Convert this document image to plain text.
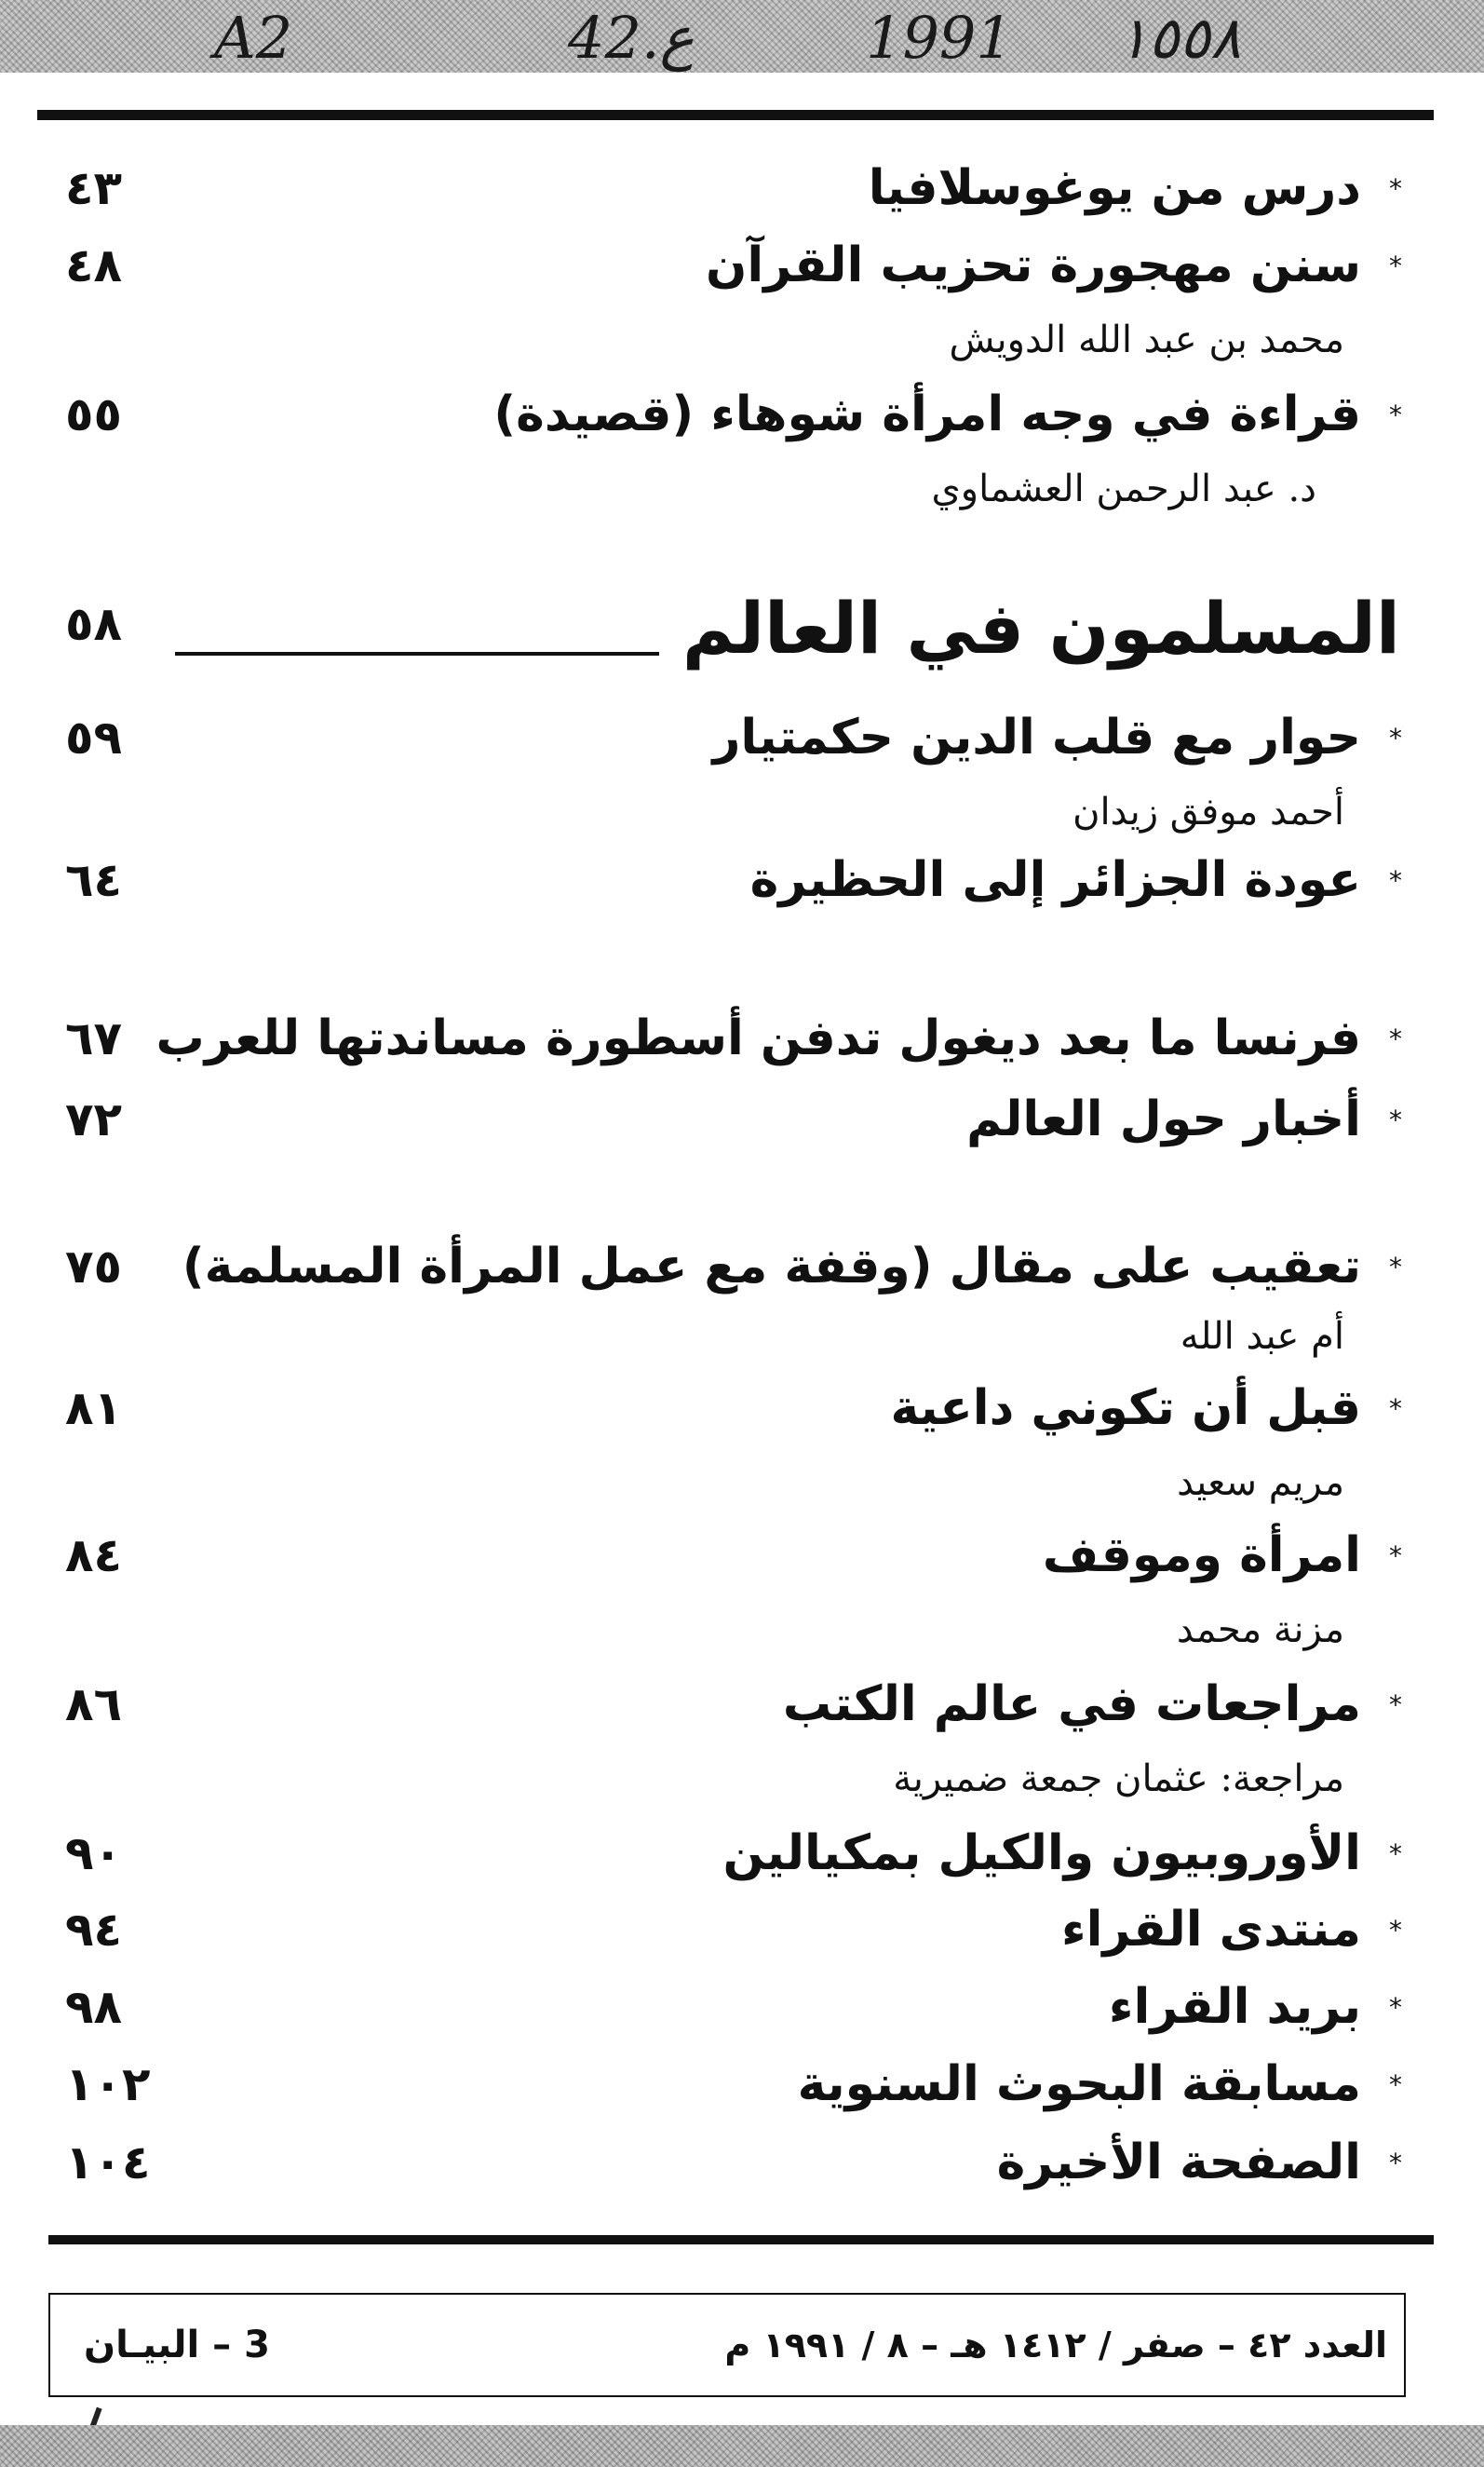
A2	42.ع	1991 ١٥٥٨
*
درس من يوغوسلافيا
٤٣
*
سنن مهجورة تحزيب القرآن
٤٨
محمد بن عبد الله الدويش
*
قراءة في وجه امرأة شوهاء (قصيدة)
٥٥
د. عبد الرحمن العشماوي
المسلمون في العالم
٥٨
*
حوار مع قلب الدين حكمتيار
٥٩
أحمد موفق زيدان
*
عودة الجزائر إلى الحظيرة
٦٤
*
فرنسا ما بعد ديغول تدفن أسطورة مساندتها للعرب
٦٧
*
أخبار حول العالم
٧٢
*
تعقيب على مقال (وقفة مع عمل المرأة المسلمة)
٧٥
أم عبد الله
*
قبل أن تكوني داعية
٨١
مريم سعيد
*
امرأة وموقف
٨٤
مزنة محمد
*
مراجعات في عالم الكتب
٨٦
مراجعة: عثمان جمعة ضميرية
*
الأوروبيون والكيل بمكيالين
٩٠
*
منتدى القراء
٩٤
*
بريد القراء
٩٨
*
مسابقة البحوث السنوية
١٠٢
*
الصفحة الأخيرة
١٠٤
3 – البيـان	العدد ٤٢ – صفر / ١٤١٢ هـ – ٨ / ١٩٩١ م
